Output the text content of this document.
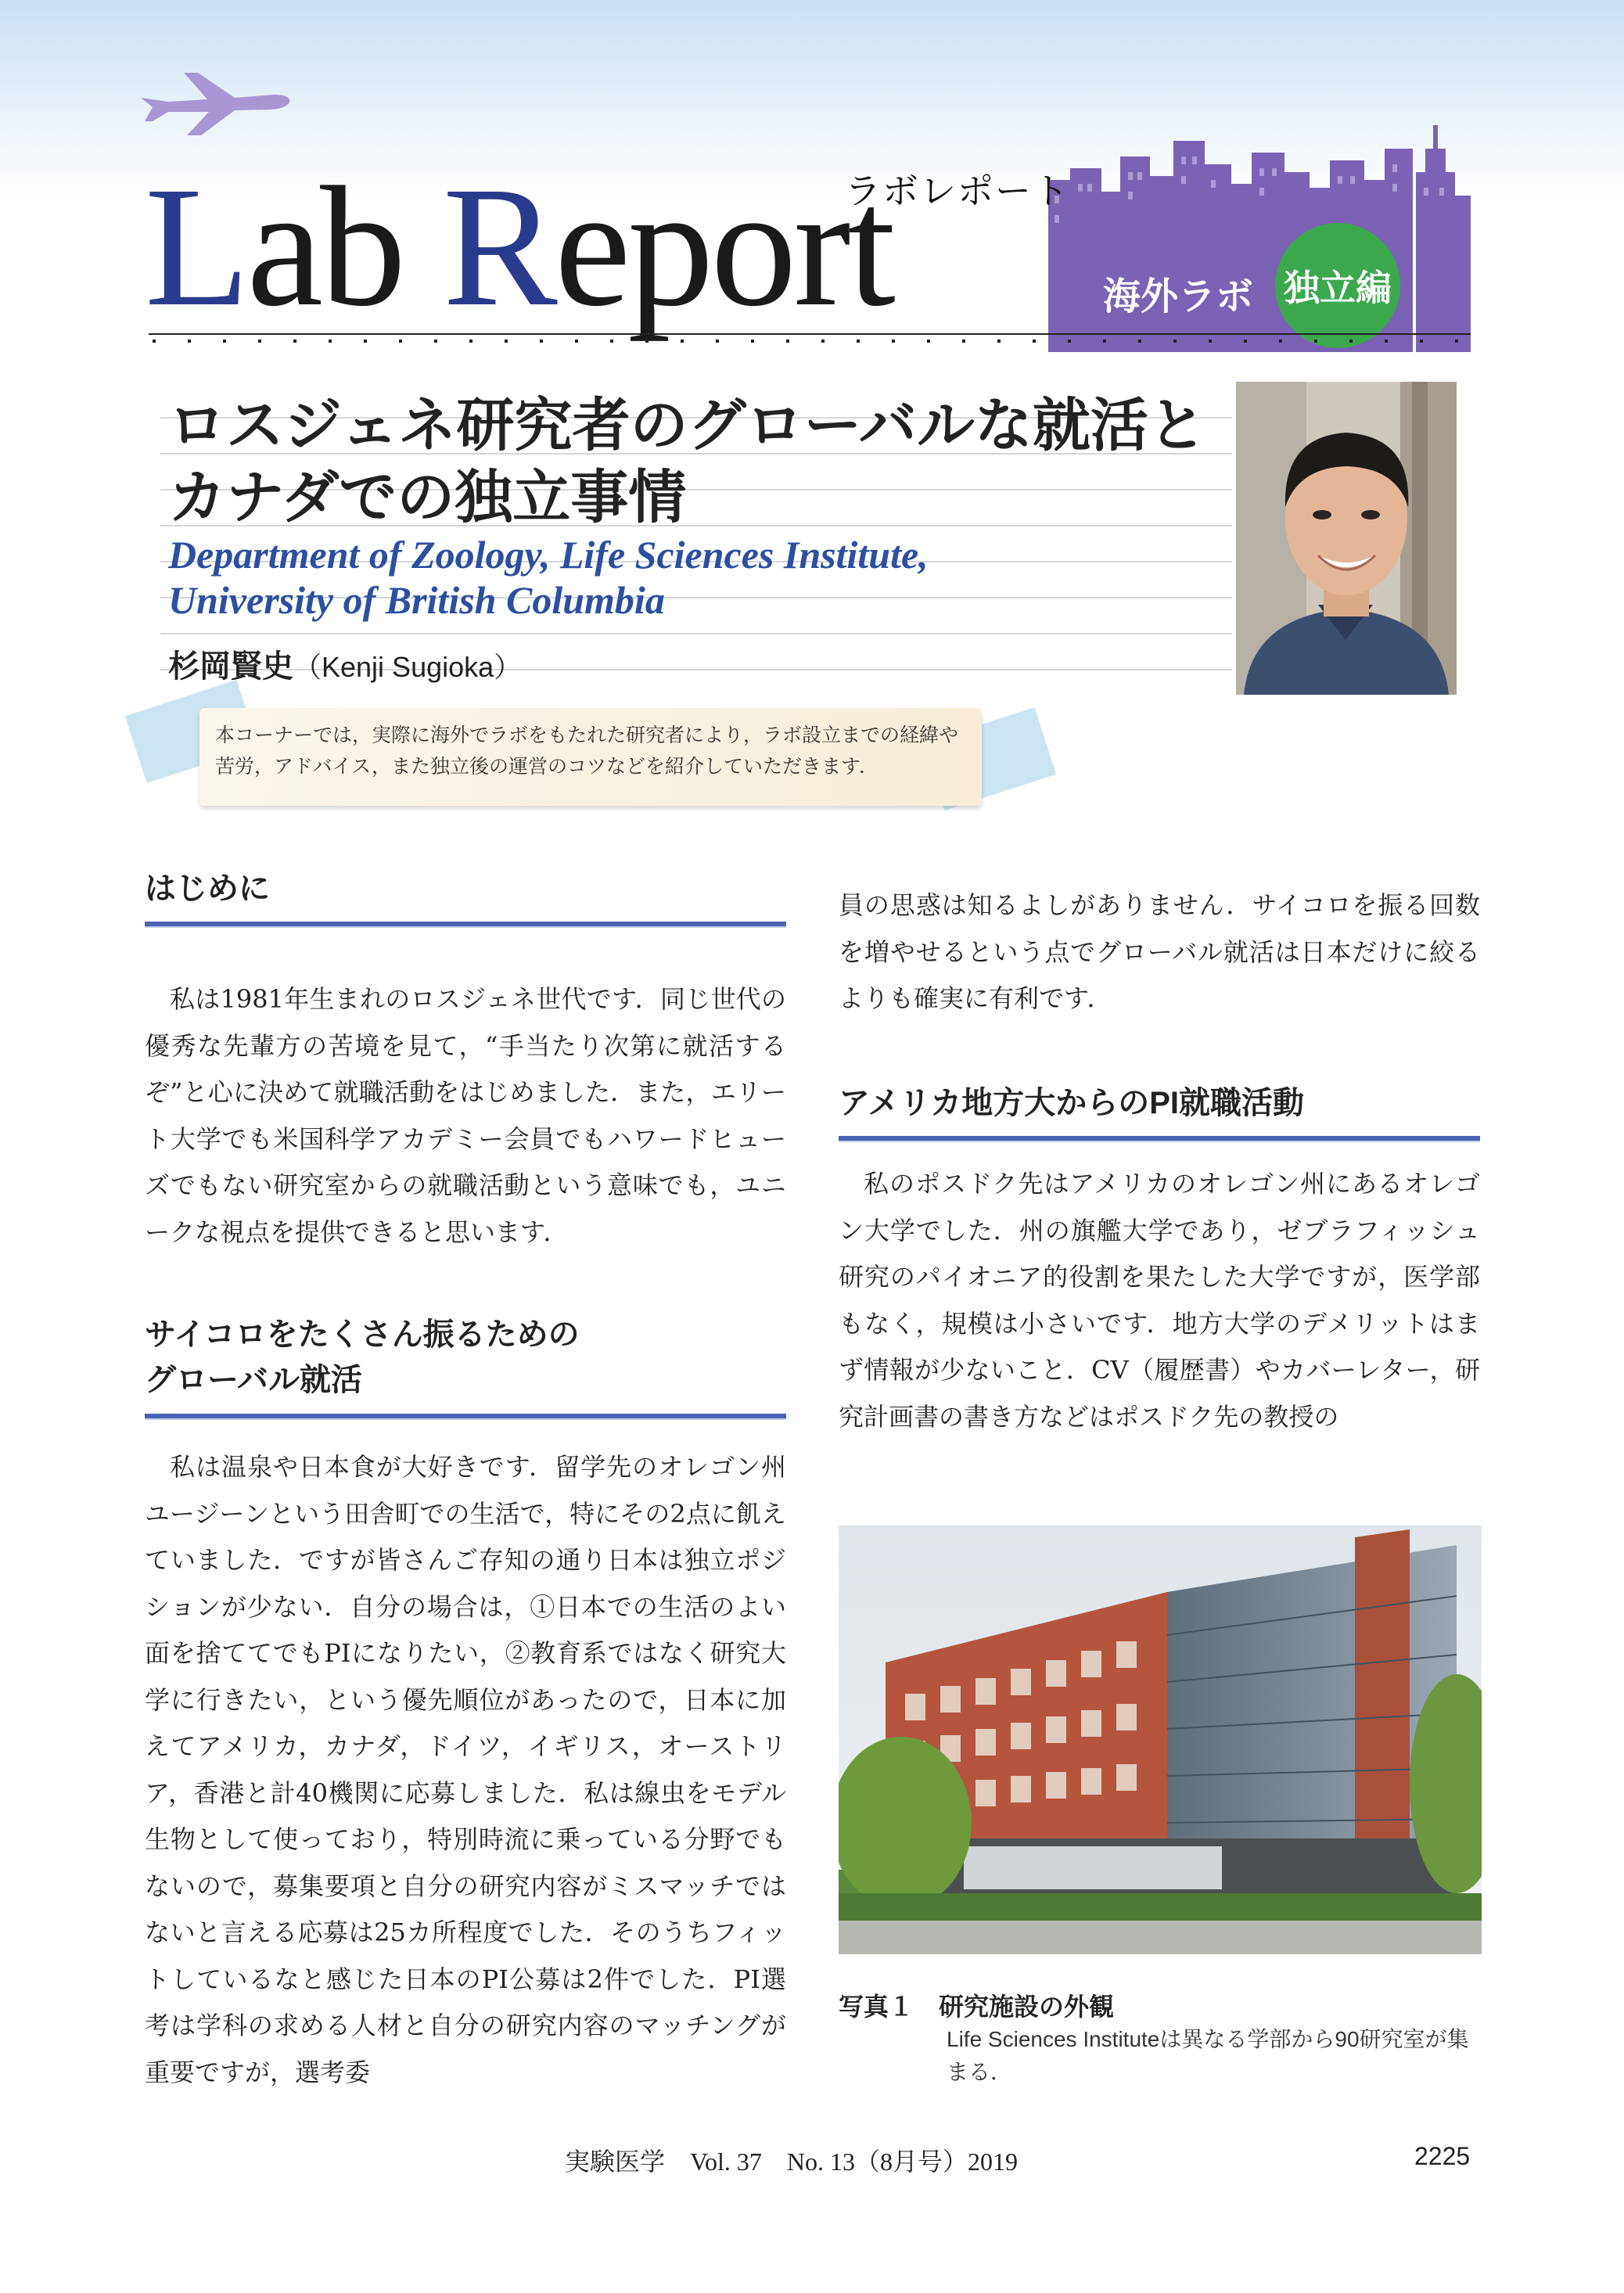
海外ラボ 独立編
Lab Report
ラボレポート
ロスジェネ研究者のグローバルな就活と
カナダでの独立事情
Department of Zoology, Life Sciences Institute,
University of British Columbia
杉岡賢史（Kenji Sugioka）
本コーナーでは，実際に海外でラボをもたれた研究者により，ラボ設立までの経緯や苦労，アドバイス，また独立後の運営のコツなどを紹介していただきます．
はじめに
私は1981年生まれのロスジェネ世代です．同じ世代の優秀な先輩方の苦境を見て，“手当たり次第に就活するぞ”と心に決めて就職活動をはじめました．また，エリート大学でも米国科学アカデミー会員でもハワードヒューズでもない研究室からの就職活動という意味でも，ユニークな視点を提供できると思います．
サイコロをたくさん振るための
グローバル就活
私は温泉や日本食が大好きです．留学先のオレゴン州ユージーンという田舎町での生活で，特にその2点に飢えていました．ですが皆さんご存知の通り日本は独立ポジションが少ない．自分の場合は，①日本での生活のよい面を捨ててでもPIになりたい，②教育系ではなく研究大学に行きたい，という優先順位があったので，日本に加えてアメリカ，カナダ，ドイツ，イギリス，オーストリア，香港と計40機関に応募しました．私は線虫をモデル生物として使っており，特別時流に乗っている分野でもないので，募集要項と自分の研究内容がミスマッチではないと言える応募は25カ所程度でした．そのうちフィットしているなと感じた日本のPI公募は2件でした．PI選考は学科の求める人材と自分の研究内容のマッチングが重要ですが，選考委
員の思惑は知るよしがありません．サイコロを振る回数を増やせるという点でグローバル就活は日本だけに絞るよりも確実に有利です．
アメリカ地方大からのPI就職活動
私のポスドク先はアメリカのオレゴン州にあるオレゴン大学でした．州の旗艦大学であり，ゼブラフィッシュ研究のパイオニア的役割を果たした大学ですが，医学部もなく，規模は小さいです．地方大学のデメリットはまず情報が少ないこと．CV（履歴書）やカバーレター，研究計画書の書き方などはポスドク先の教授の
写真１　研究施設の外観
Life Sciences Instituteは異なる学部から90研究室が集まる．
実験医学　Vol. 37　No. 13（8月号）2019	2225
